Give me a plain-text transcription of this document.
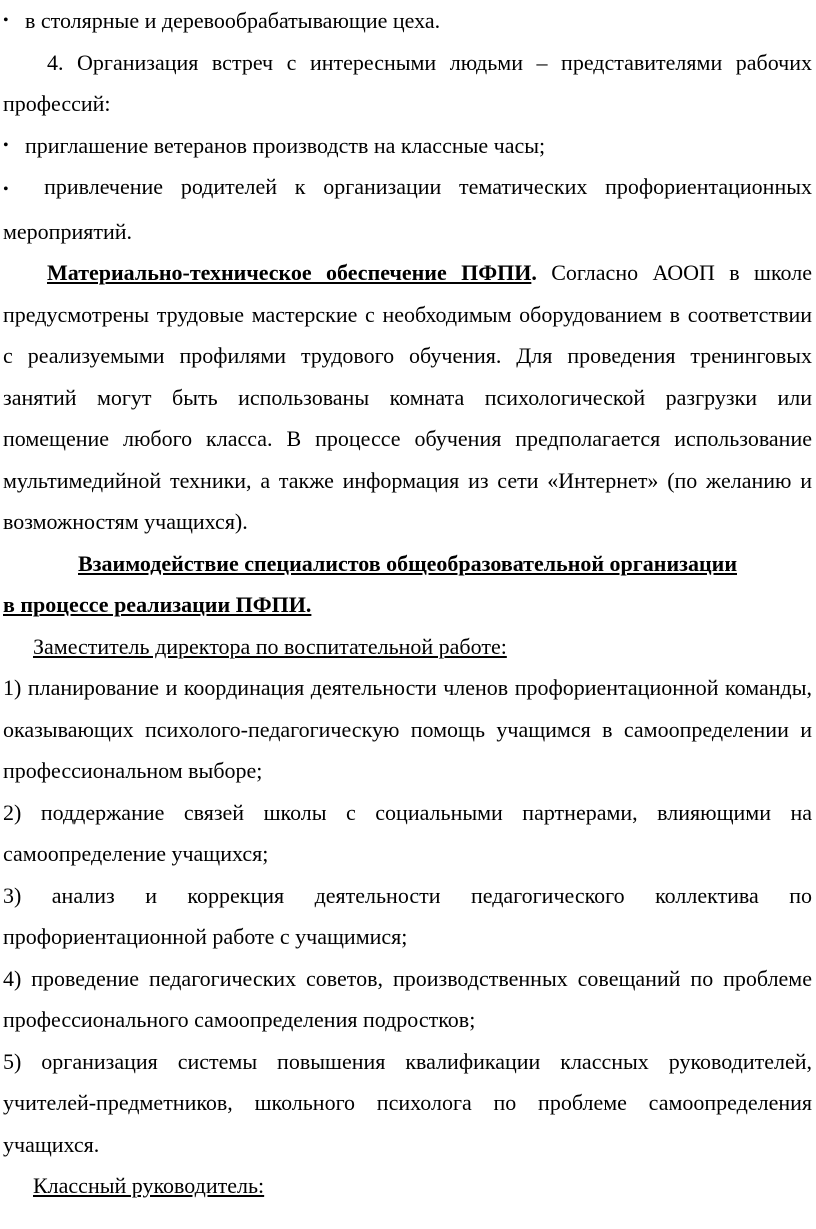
• в столярные и деревообрабатывающие цеха.

4. Организация встреч с интересными людьми – представителями рабочих профессий:

• приглашение ветеранов производств на классные часы;

• привлечение родителей к организации тематических профориентационных мероприятий.

Материально-техническое обеспечение ПФПИ. Согласно АООП в школе предусмотрены трудовые мастерские с необходимым оборудованием в соответствии с реализуемыми профилями трудового обучения. Для проведения тренинговых занятий могут быть использованы комната психологической разгрузки или помещение любого класса. В процессе обучения предполагается использование мультимедийной техники, а также информация из сети «Интернет» (по желанию и возможностям учащихся).

Взаимодействие специалистов общеобразовательной организации

в процессе реализации ПФПИ.

Заместитель директора по воспитательной работе:

1) планирование и координация деятельности членов профориентационной команды, оказывающих психолого-педагогическую помощь учащимся в самоопределении и профессиональном выборе;

2) поддержание связей школы с социальными партнерами, влияющими на самоопределение учащихся;

3) анализ и коррекция деятельности педагогического коллектива по профориентационной работе с учащимися;

4) проведение педагогических советов, производственных совещаний по проблеме профессионального самоопределения подростков;

5) организация системы повышения квалификации классных руководителей, учителей-предметников, школьного психолога по проблеме самоопределения учащихся.

Классный руководитель:
